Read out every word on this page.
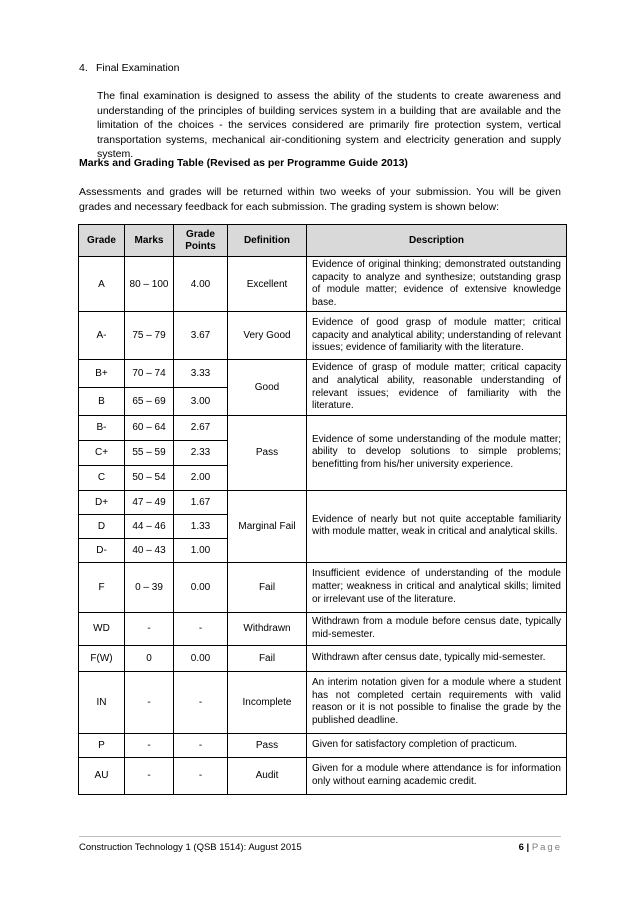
4. Final Examination
The final examination is designed to assess the ability of the students to create awareness and understanding of the principles of building services system in a building that are available and the limitation of the choices - the services considered are primarily fire protection system, vertical transportation systems, mechanical air-conditioning system and electricity generation and supply system.
Marks and Grading Table (Revised as per Programme Guide 2013)
Assessments and grades will be returned within two weeks of your submission. You will be given grades and necessary feedback for each submission. The grading system is shown below:
Grade	Marks	Grade Points	Definition	Description
A	80 – 100	4.00	Excellent	Evidence of original thinking; demonstrated outstanding capacity to analyze and synthesize; outstanding grasp of module matter; evidence of extensive knowledge base.
A-	75 – 79	3.67	Very Good	Evidence of good grasp of module matter; critical capacity and analytical ability; understanding of relevant issues; evidence of familiarity with the literature.
B+	70 – 74	3.33	Good	Evidence of grasp of module matter; critical capacity and analytical ability, reasonable understanding of relevant issues; evidence of familiarity with the literature.
B	65 – 69	3.00		
B-	60 – 64	2.67	Pass	Evidence of some understanding of the module matter; ability to develop solutions to simple problems; benefitting from his/her university experience.
C+	55 – 59	2.33		
C	50 – 54	2.00		
D+	47 – 49	1.67	Marginal Fail	Evidence of nearly but not quite acceptable familiarity with module matter, weak in critical and analytical skills.
D	44 – 46	1.33		
D-	40 – 43	1.00		
F	0 – 39	0.00	Fail	Insufficient evidence of understanding of the module matter; weakness in critical and analytical skills; limited or irrelevant use of the literature.
WD	-	-	Withdrawn	Withdrawn from a module before census date, typically mid-semester.
F(W)	0	0.00	Fail	Withdrawn after census date, typically mid-semester.
IN	-	-	Incomplete	An interim notation given for a module where a student has not completed certain requirements with valid reason or it is not possible to finalise the grade by the published deadline.
P	-	-	Pass	Given for satisfactory completion of practicum.
AU	-	-	Audit	Given for a module where attendance is for information only without earning academic credit.
Construction Technology 1 (QSB 1514): August 2015	6 | Page
